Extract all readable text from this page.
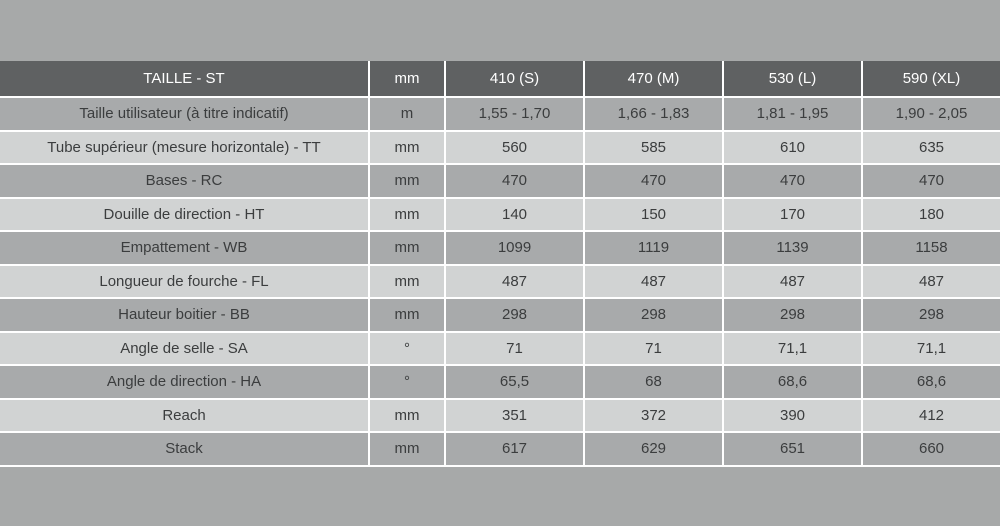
TAILLE - ST	mm	410 (S)	470 (M)	530 (L)	590 (XL)
Taille utilisateur (à titre indicatif)	m	1,55 - 1,70	1,66 - 1,83	1,81 - 1,95	1,90 - 2,05
Tube supérieur (mesure horizontale) - TT	mm	560	585	610	635
Bases - RC	mm	470	470	470	470
Douille de direction - HT	mm	140	150	170	180
Empattement - WB	mm	1099	1119	1139	1158
Longueur de fourche - FL	mm	487	487	487	487
Hauteur boitier - BB	mm	298	298	298	298
Angle de selle - SA	°	71	71	71,1	71,1
Angle de direction - HA	°	65,5	68	68,6	68,6
Reach	mm	351	372	390	412
Stack	mm	617	629	651	660
